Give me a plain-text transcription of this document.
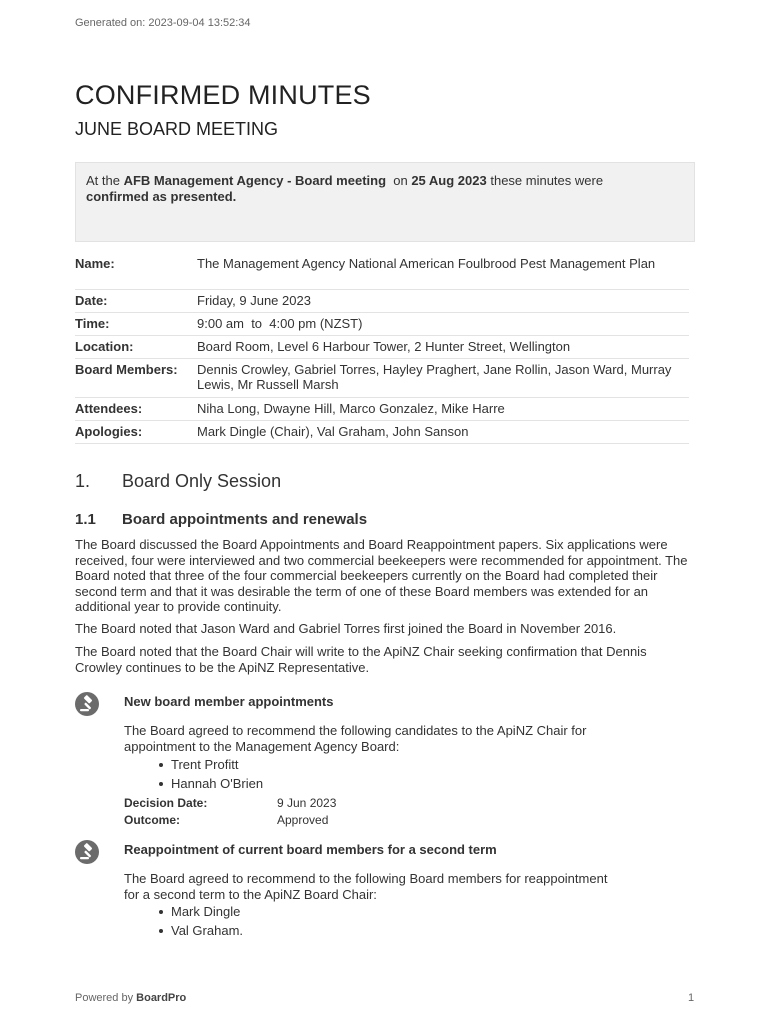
Generated on: 2023-09-04 13:52:34
CONFIRMED MINUTES
JUNE BOARD MEETING
At the AFB Management Agency - Board meeting  on 25 Aug 2023 these minutes were
confirmed as presented.
Name:	The Management Agency National American Foulbrood Pest Management Plan
Date:	Friday, 9 June 2023
Time:	9:00 am  to  4:00 pm (NZST)
Location:	Board Room, Level 6 Harbour Tower, 2 Hunter Street, Wellington
Board Members:	Dennis Crowley, Gabriel Torres, Hayley Praghert, Jane Rollin, Jason Ward, Murray Lewis, Mr Russell Marsh
Attendees:	Niha Long, Dwayne Hill, Marco Gonzalez, Mike Harre
Apologies:	Mark Dingle (Chair), Val Graham, John Sanson
1. Board Only Session
1.1 Board appointments and renewals

The Board discussed the Board Appointments and Board Reappointment papers. Six applications were received, four were interviewed and two commercial beekeepers were recommended for appointment. The Board noted that three of the four commercial beekeepers currently on the Board had completed their second term and that it was desirable the term of one of these Board members was extended for an additional year to provide continuity.

The Board noted that Jason Ward and Gabriel Torres first joined the Board in November 2016.

The Board noted that the Board Chair will write to the ApiNZ Chair seeking confirmation that Dennis Crowley continues to be the ApiNZ Representative.

New board member appointments

The Board agreed to recommend the following candidates to the ApiNZ Chair for appointment to the Management Agency Board:

Trent Profitt
Hannah O'Brien
Decision Date:	9 Jun 2023
Outcome:	Approved
Reappointment of current board members for a second term

The Board agreed to recommend to the following Board members for reappointment for a second term to the ApiNZ Board Chair:

Mark Dingle
Val Graham.
Powered by BoardPro	1
